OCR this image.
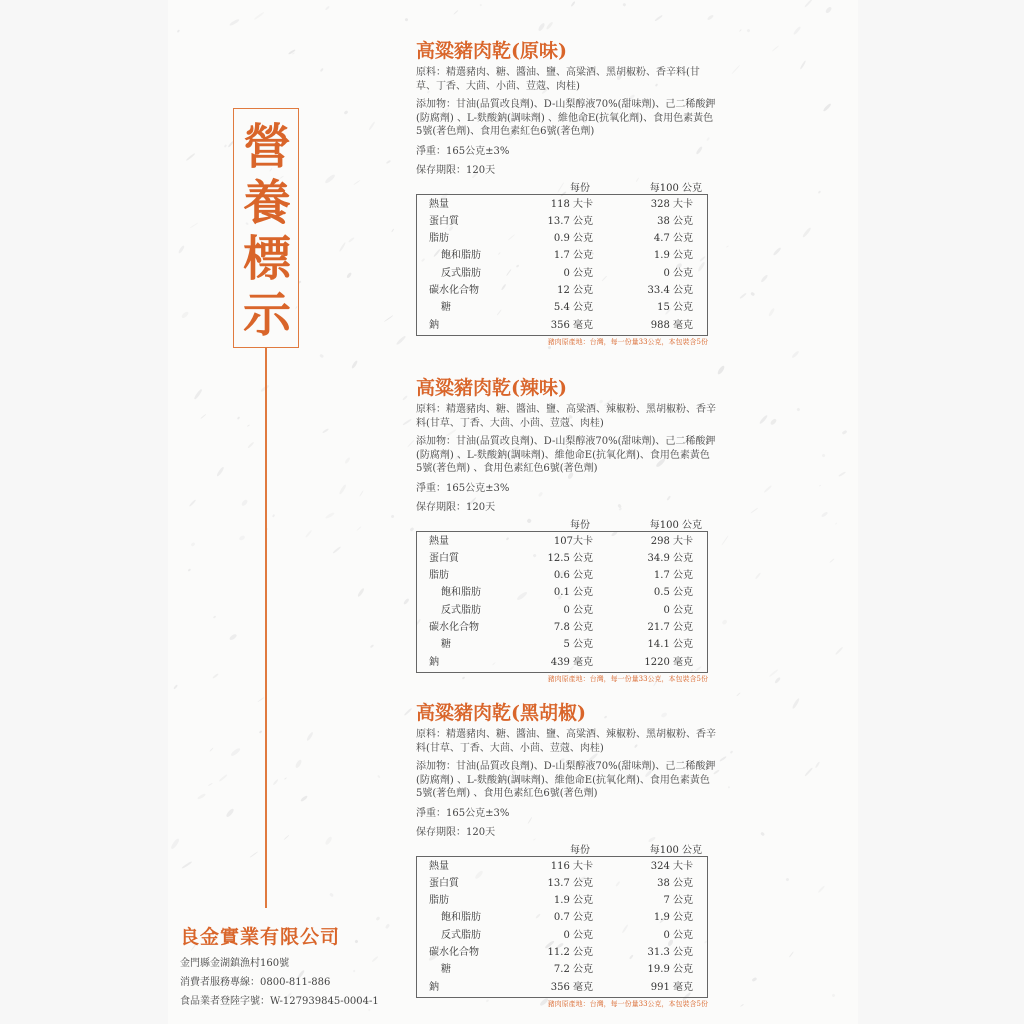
營
養
標
示
良金實業有限公司
金門縣金湖鎮漁村160號
消費者服務專線：0800-811-886
食品業者登陸字號：W-127939845-0004-1
高粱豬肉乾(原味)

原料：精選豬肉、糖、醬油、鹽、高粱酒、黑胡椒粉、香辛料(甘草、丁香、大茴、小茴、荳蔻、肉桂)

添加物：甘油(品質改良劑)、D-山梨醇液70%(甜味劑)、己二稀酸鉀(防腐劑) 、L-麩酸鈉(調味劑) 、維他命E(抗氧化劑)、食用色素黃色5號(著色劑)、食用色素紅色6號(著色劑)

淨重：165公克±3%

保存期限：120天

每份	每100 公克
熱量	118 大卡	328 大卡
蛋白質	13.7 公克	38 公克
脂肪	0.9 公克	4.7 公克
飽和脂肪	1.7 公克	1.9 公克
反式脂肪	0 公克	0 公克
碳水化合物	12 公克	33.4 公克
糖	5.4 公克	15 公克
鈉	356 毫克	988 毫克
豬肉原產地：台灣，每一份量33公克，本包裝含5份
高粱豬肉乾(辣味)

原料：精選豬肉、糖、醬油、鹽、高粱酒、辣椒粉、黑胡椒粉、香辛料(甘草、丁香、大茴、小茴、荳蔻、肉桂)

添加物：甘油(品質改良劑)、D-山梨醇液70%(甜味劑)、己二稀酸鉀(防腐劑) 、L-麩酸鈉(調味劑)、維他命E(抗氧化劑)、食用色素黃色5號(著色劑) 、食用色素紅色6號(著色劑)

淨重：165公克±3%

保存期限：120天

每份	每100 公克
熱量	107大卡	298 大卡
蛋白質	12.5 公克	34.9 公克
脂肪	0.6 公克	1.7 公克
飽和脂肪	0.1 公克	0.5 公克
反式脂肪	0 公克	0 公克
碳水化合物	7.8 公克	21.7 公克
糖	5 公克	14.1 公克
鈉	439 毫克	1220 毫克
豬肉原產地：台灣，每一份量33公克，本包裝含5份
高粱豬肉乾(黑胡椒)

原料：精選豬肉、糖、醬油、鹽、高粱酒、辣椒粉、黑胡椒粉、香辛料(甘草、丁香、大茴、小茴、荳蔻、肉桂)

添加物：甘油(品質改良劑)、D-山梨醇液70%(甜味劑)、己二稀酸鉀(防腐劑) 、L-麩酸鈉(調味劑)、維他命E(抗氧化劑)、食用色素黃色5號(著色劑) 、食用色素紅色6號(著色劑)

淨重：165公克±3%

保存期限：120天

每份	每100 公克
熱量	116 大卡	324 大卡
蛋白質	13.7 公克	38 公克
脂肪	1.9 公克	7 公克
飽和脂肪	0.7 公克	1.9 公克
反式脂肪	0 公克	0 公克
碳水化合物	11.2 公克	31.3 公克
糖	7.2 公克	19.9 公克
鈉	356 毫克	991 毫克
豬肉原產地：台灣，每一份量33公克，本包裝含5份
